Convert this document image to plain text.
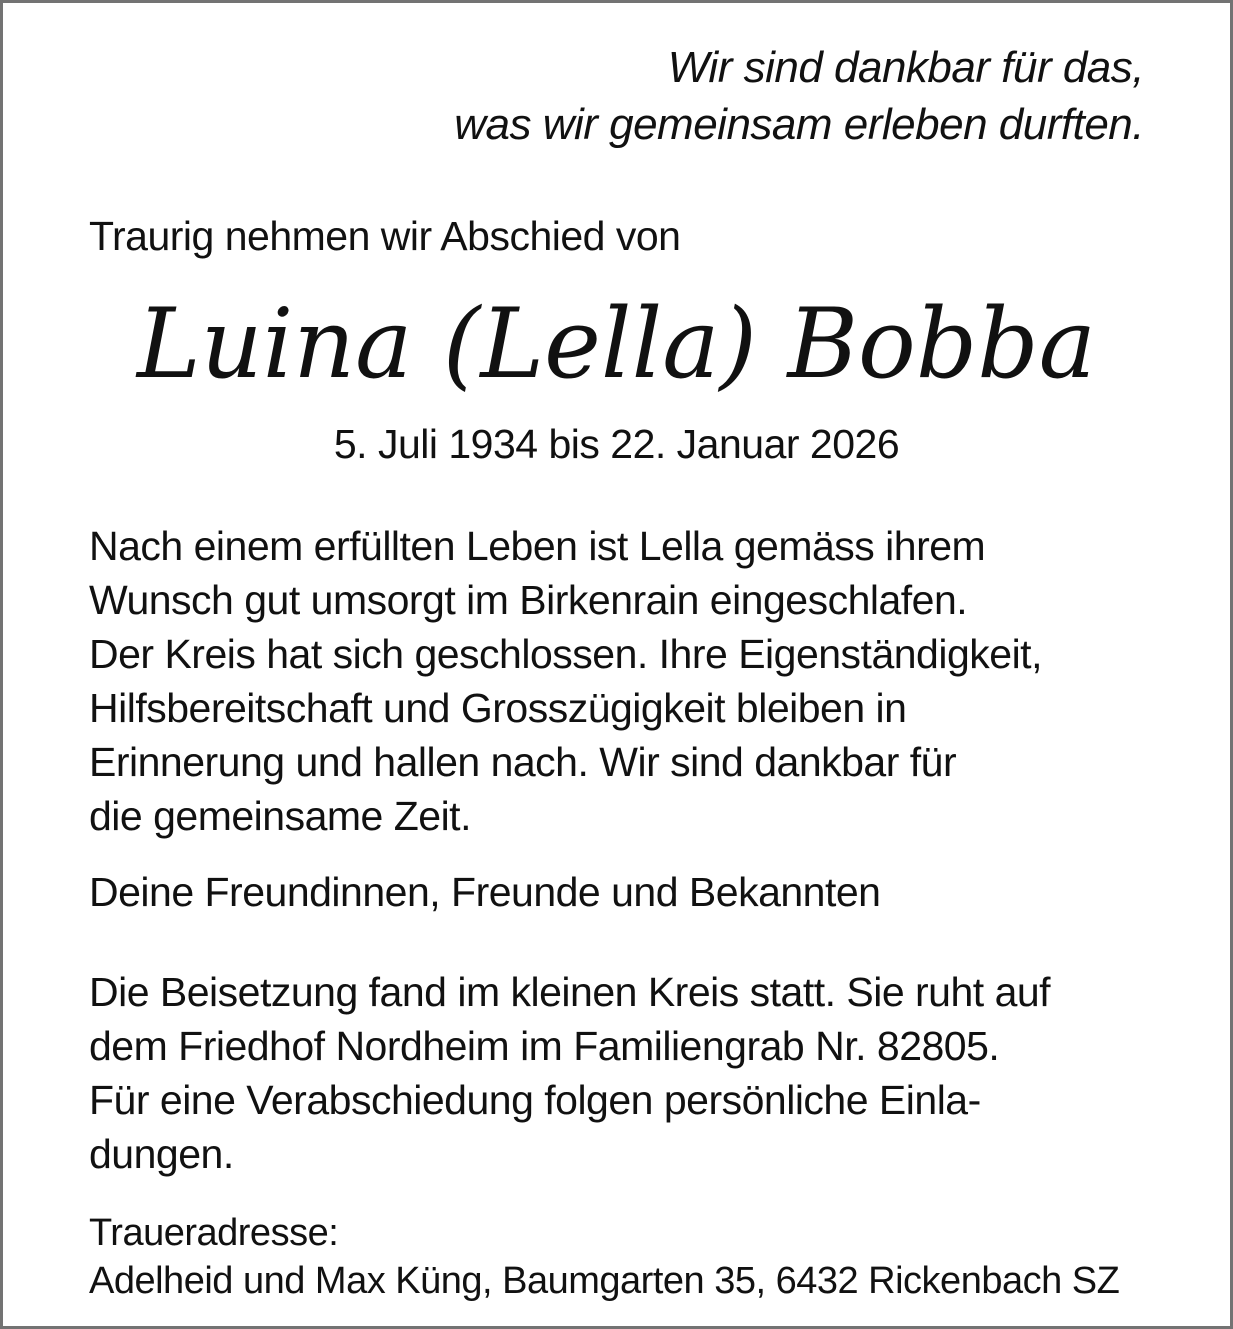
Wir sind dankbar für das,
was wir gemeinsam erleben durften.
Traurig nehmen wir Abschied von
Luina (Lella) Bobba
5. Juli 1934 bis 22. Januar 2026
Nach einem erfüllten Leben ist Lella gemäss ihrem
Wunsch gut umsorgt im Birkenrain eingeschlafen.
Der Kreis hat sich geschlossen. Ihre Eigenständigkeit,
Hilfsbereitschaft und Grosszügigkeit bleiben in
Erinnerung und hallen nach. Wir sind dankbar für
die gemeinsame Zeit.
Deine Freundinnen, Freunde und Bekannten
Die Beisetzung fand im kleinen Kreis statt. Sie ruht auf
dem Friedhof Nordheim im Familiengrab Nr. 82805.
Für eine Verabschiedung folgen persönliche Einla-
dungen.
Traueradresse:
Adelheid und Max Küng, Baumgarten 35, 6432 Rickenbach SZ
